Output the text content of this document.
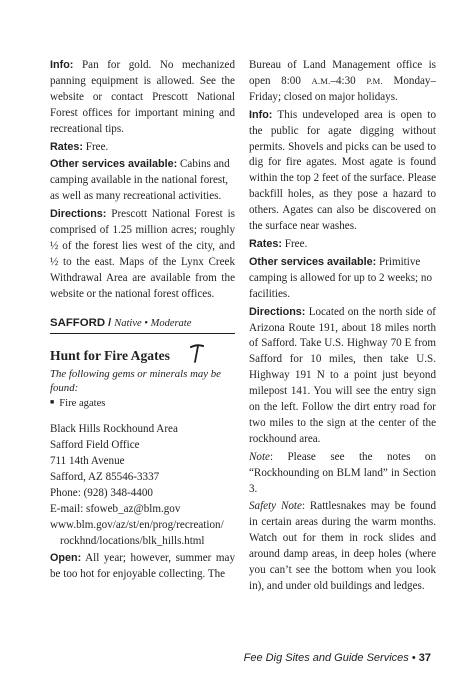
Info: Pan for gold. No mechanized panning equipment is allowed. See the website or contact Prescott National Forest offices for important mining and recreational tips.

Rates: Free.

Other services available: Cabins and camping available in the national forest, as well as many recreational activities.

Directions: Prescott National Forest is comprised of 1.25 million acres; roughly ½ of the forest lies west of the city, and ½ to the east. Maps of the Lynx Creek Withdrawal Area are available from the website or the national forest offices.

SAFFORD / Native • Moderate
Hunt for Fire Agates

The following gems or minerals may be found:

■ Fire agates
Black Hills Rockhound Area
Safford Field Office
711 14th Avenue
Safford, AZ 85546-3337
Phone: (928) 348-4400
E-mail: sfoweb_az@blm.gov
www.blm.gov/az/st/en/prog/recreation/
rockhnd/locations/blk_hills.html

Open: All year; however, summer may be too hot for enjoyable collecting. The

Bureau of Land Management office is open 8:00 A.M.–4:30 P.M. Monday–Friday; closed on major holidays.

Info: This undeveloped area is open to the public for agate digging without permits. Shovels and picks can be used to dig for fire agates. Most agate is found within the top 2 feet of the surface. Please backfill holes, as they pose a hazard to others. Agates can also be discovered on the surface near washes.

Rates: Free.

Other services available: Primitive camping is allowed for up to 2 weeks; no facilities.

Directions: Located on the north side of Arizona Route 191, about 18 miles north of Safford. Take U.S. Highway 70 E from Safford for 10 miles, then take U.S. Highway 191 N to a point just beyond milepost 141. You will see the entry sign on the left. Follow the dirt entry road for two miles to the sign at the center of the rockhound area.

Note: Please see the notes on “Rockhounding on BLM land” in Section 3.

Safety Note: Rattlesnakes may be found in certain areas during the warm months. Watch out for them in rock slides and around damp areas, in deep holes (where you can’t see the bottom when you look in), and under old buildings and ledges.

Fee Dig Sites and Guide Services • 37
